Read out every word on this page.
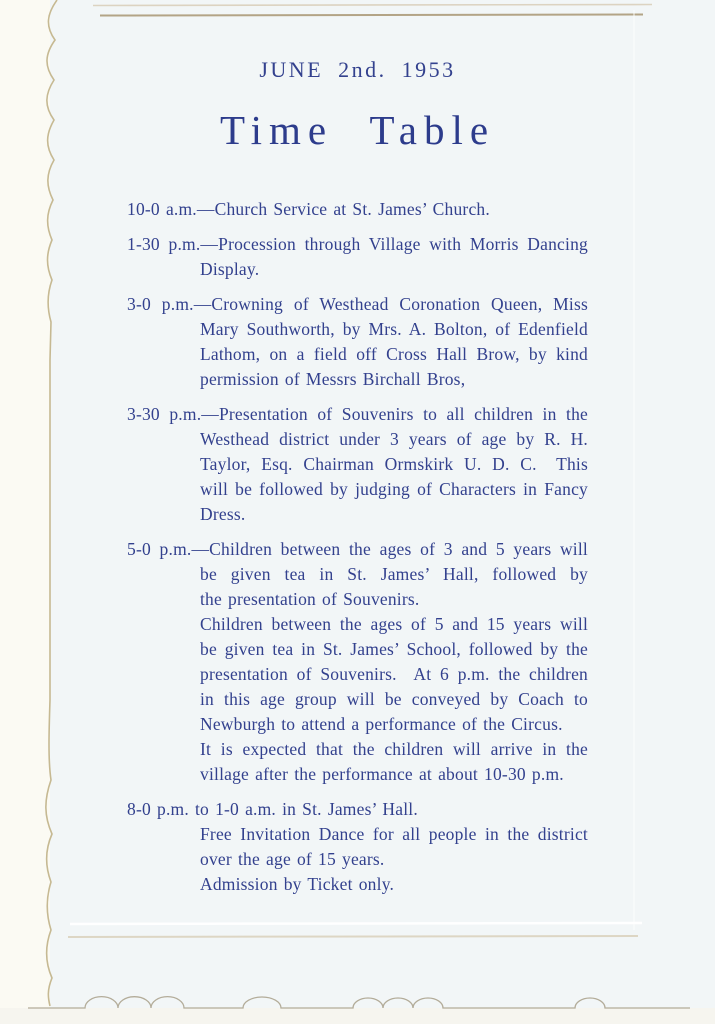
JUNE 2nd. 1953
Time Table
10-0 a.m.—Church Service at St. James’ Church.
1-30 p.m.—Procession through Village with Morris Dancing
Display.
3-0 p.m.—Crowning of Westhead Coronation Queen, Miss
Mary Southworth, by Mrs. A. Bolton, of Edenfield
Lathom, on a field off Cross Hall Brow, by kind
permission of Messrs Birchall Bros,
3-30 p.m.—Presentation of Souvenirs to all children in the
Westhead district under 3 years of age by R. H.
Taylor, Esq. Chairman Ormskirk U. D. C.  This
will be followed by judging of Characters in Fancy
Dress.
5-0 p.m.—Children between the ages of 3 and 5 years will
be given tea in St. James’ Hall, followed by
the presentation of Souvenirs.
Children between the ages of 5 and 15 years will
be given tea in St. James’ School, followed by the
presentation of Souvenirs.  At 6 p.m. the children
in this age group will be conveyed by Coach to
Newburgh to attend a performance of the Circus.
It is expected that the children will arrive in the
village after the performance at about 10-30 p.m.
8-0 p.m. to 1-0 a.m. in St. James’ Hall.
Free Invitation Dance for all people in the district
over the age of 15 years.
Admission by Ticket only.
